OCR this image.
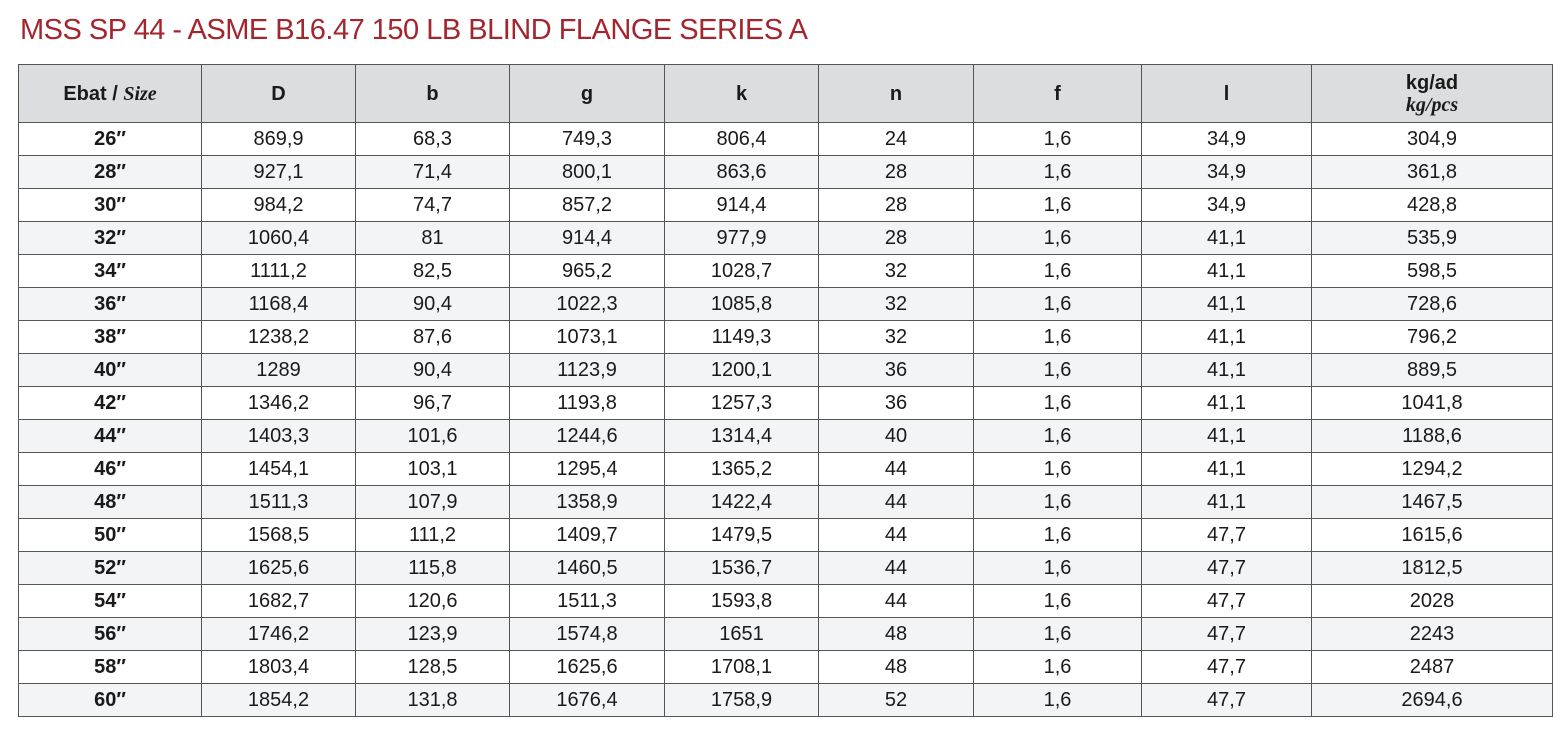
MSS SP 44 - ASME B16.47 150 LB BLIND FLANGE SERIES A
Ebat / Size	D	b	g	k	n	f	l	kg/ad
kg/pcs

26″	869,9	68,3	749,3	806,4	24	1,6	34,9	304,9
28″	927,1	71,4	800,1	863,6	28	1,6	34,9	361,8
30″	984,2	74,7	857,2	914,4	28	1,6	34,9	428,8
32″	1060,4	81	914,4	977,9	28	1,6	41,1	535,9
34″	1111,2	82,5	965,2	1028,7	32	1,6	41,1	598,5
36″	1168,4	90,4	1022,3	1085,8	32	1,6	41,1	728,6
38″	1238,2	87,6	1073,1	1149,3	32	1,6	41,1	796,2
40″	1289	90,4	1123,9	1200,1	36	1,6	41,1	889,5
42″	1346,2	96,7	1193,8	1257,3	36	1,6	41,1	1041,8
44″	1403,3	101,6	1244,6	1314,4	40	1,6	41,1	1188,6
46″	1454,1	103,1	1295,4	1365,2	44	1,6	41,1	1294,2
48″	1511,3	107,9	1358,9	1422,4	44	1,6	41,1	1467,5
50″	1568,5	111,2	1409,7	1479,5	44	1,6	47,7	1615,6
52″	1625,6	115,8	1460,5	1536,7	44	1,6	47,7	1812,5
54″	1682,7	120,6	1511,3	1593,8	44	1,6	47,7	2028
56″	1746,2	123,9	1574,8	1651	48	1,6	47,7	2243
58″	1803,4	128,5	1625,6	1708,1	48	1,6	47,7	2487
60″	1854,2	131,8	1676,4	1758,9	52	1,6	47,7	2694,6
